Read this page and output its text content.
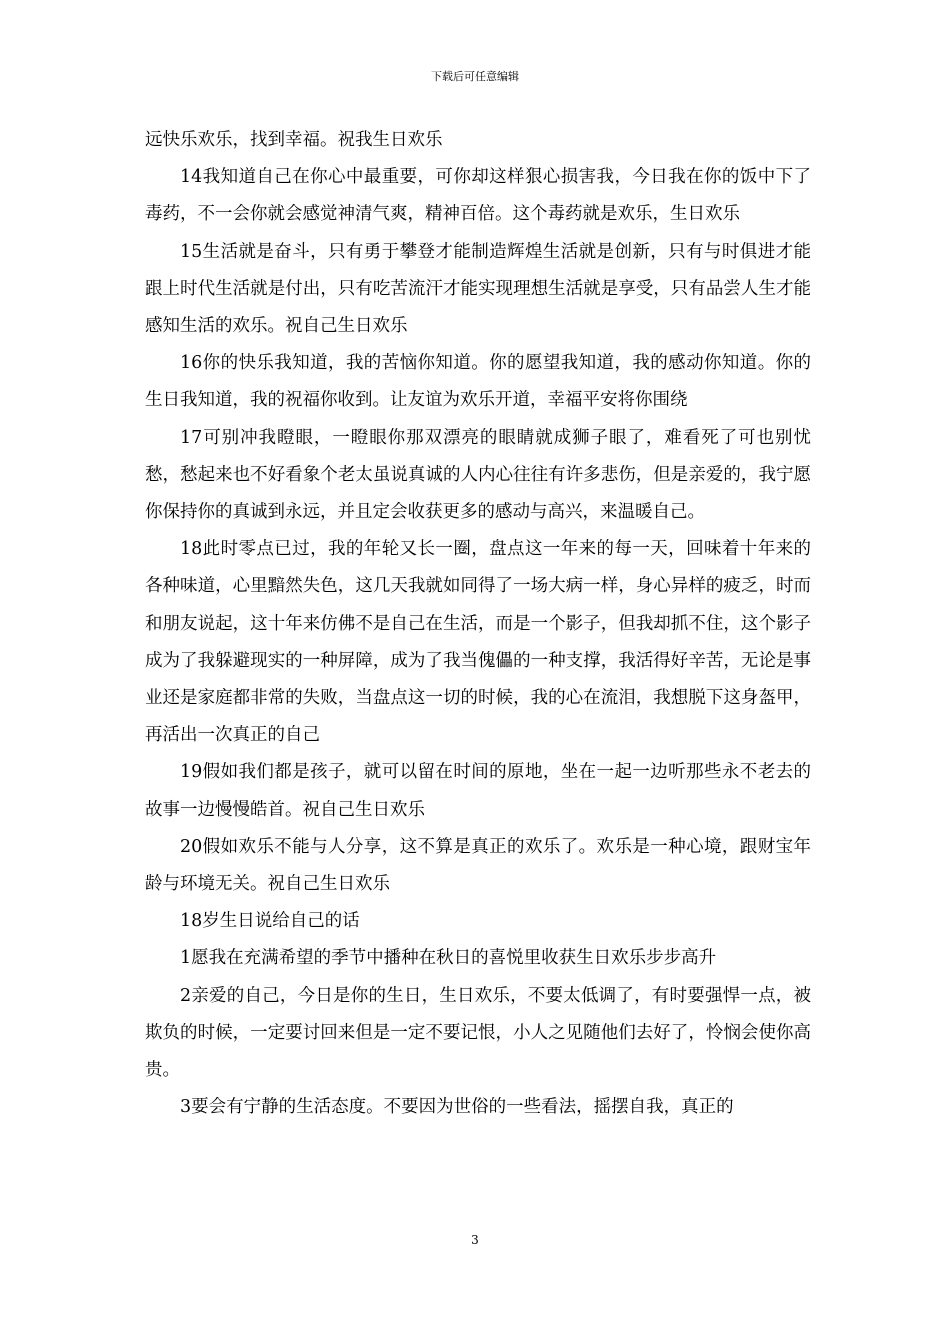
下载后可任意编辑

远快乐欢乐，找到幸福。祝我生日欢乐

14我知道自己在你心中最重要，可你却这样狠心损害我，今日我在你的饭中下了毒药，不一会你就会感觉神清气爽，精神百倍。这个毒药就是欢乐，生日欢乐

15生活就是奋斗，只有勇于攀登才能制造辉煌生活就是创新，只有与时俱进才能跟上时代生活就是付出，只有吃苦流汗才能实现理想生活就是享受，只有品尝人生才能感知生活的欢乐。祝自己生日欢乐

16你的快乐我知道，我的苦恼你知道。你的愿望我知道，我的感动你知道。你的生日我知道，我的祝福你收到。让友谊为欢乐开道，幸福平安将你围绕

17可别冲我瞪眼，一瞪眼你那双漂亮的眼睛就成狮子眼了，难看死了可也别忧愁，愁起来也不好看象个老太虽说真诚的人内心往往有许多悲伤，但是亲爱的，我宁愿你保持你的真诚到永远，并且定会收获更多的感动与高兴，来温暖自己。

18此时零点已过，我的年轮又长一圈，盘点这一年来的每一天，回味着十年来的各种味道，心里黯然失色，这几天我就如同得了一场大病一样，身心异样的疲乏，时而和朋友说起，这十年来仿佛不是自己在生活，而是一个影子，但我却抓不住，这个影子成为了我躲避现实的一种屏障，成为了我当傀儡的一种支撑，我活得好辛苦，无论是事业还是家庭都非常的失败，当盘点这一切的时候，我的心在流泪，我想脱下这身盔甲，再活出一次真正的自己

19假如我们都是孩子，就可以留在时间的原地，坐在一起一边听那些永不老去的故事一边慢慢皓首。祝自己生日欢乐

20假如欢乐不能与人分享，这不算是真正的欢乐了。欢乐是一种心境，跟财宝年龄与环境无关。祝自己生日欢乐

18岁生日说给自己的话

1愿我在充满希望的季节中播种在秋日的喜悦里收获生日欢乐步步高升

2亲爱的自己，今日是你的生日，生日欢乐，不要太低调了，有时要强悍一点，被欺负的时候，一定要讨回来但是一定不要记恨，小人之见随他们去好了，怜悯会使你高贵。

3要会有宁静的生活态度。不要因为世俗的一些看法，摇摆自我，真正的

3
